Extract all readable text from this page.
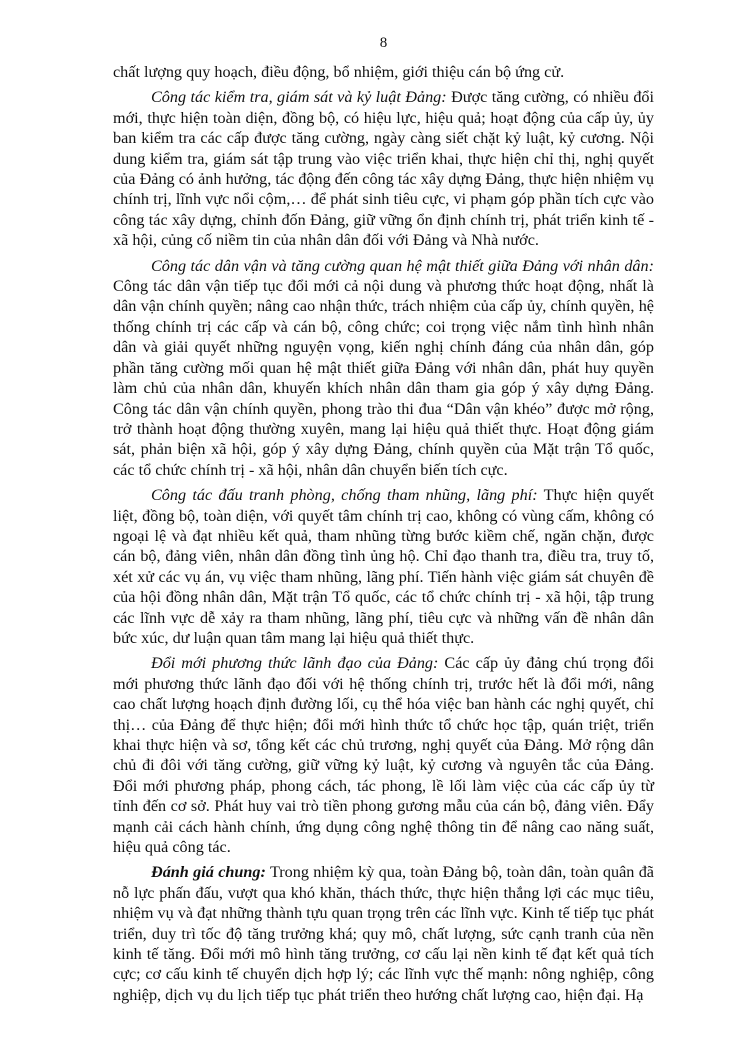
8

chất lượng quy hoạch, điều động, bổ nhiệm, giới thiệu cán bộ ứng cử.

Công tác kiểm tra, giám sát và kỷ luật Đảng: Được tăng cường, có nhiều đổi mới, thực hiện toàn diện, đồng bộ, có hiệu lực, hiệu quả; hoạt động của cấp ủy, ủy ban kiểm tra các cấp được tăng cường, ngày càng siết chặt kỷ luật, kỷ cương. Nội dung kiểm tra, giám sát tập trung vào việc triển khai, thực hiện chỉ thị, nghị quyết của Đảng có ảnh hưởng, tác động đến công tác xây dựng Đảng, thực hiện nhiệm vụ chính trị, lĩnh vực nổi cộm,… để phát sinh tiêu cực, vi phạm góp phần tích cực vào công tác xây dựng, chỉnh đốn Đảng, giữ vững ổn định chính trị, phát triển kinh tế - xã hội, củng cố niềm tin của nhân dân đối với Đảng và Nhà nước.

Công tác dân vận và tăng cường quan hệ mật thiết giữa Đảng với nhân dân: Công tác dân vận tiếp tục đổi mới cả nội dung và phương thức hoạt động, nhất là dân vận chính quyền; nâng cao nhận thức, trách nhiệm của cấp ủy, chính quyền, hệ thống chính trị các cấp và cán bộ, công chức; coi trọng việc nắm tình hình nhân dân và giải quyết những nguyện vọng, kiến nghị chính đáng của nhân dân, góp phần tăng cường mối quan hệ mật thiết giữa Đảng với nhân dân, phát huy quyền làm chủ của nhân dân, khuyến khích nhân dân tham gia góp ý xây dựng Đảng. Công tác dân vận chính quyền, phong trào thi đua “Dân vận khéo” được mở rộng, trở thành hoạt động thường xuyên, mang lại hiệu quả thiết thực. Hoạt động giám sát, phản biện xã hội, góp ý xây dựng Đảng, chính quyền của Mặt trận Tổ quốc, các tổ chức chính trị - xã hội, nhân dân chuyển biến tích cực.

Công tác đấu tranh phòng, chống tham nhũng, lãng phí: Thực hiện quyết liệt, đồng bộ, toàn diện, với quyết tâm chính trị cao, không có vùng cấm, không có ngoại lệ và đạt nhiều kết quả, tham nhũng từng bước kiềm chế, ngăn chặn, được cán bộ, đảng viên, nhân dân đồng tình ủng hộ. Chỉ đạo thanh tra, điều tra, truy tố, xét xử các vụ án, vụ việc tham nhũng, lãng phí. Tiến hành việc giám sát chuyên đề của hội đồng nhân dân, Mặt trận Tổ quốc, các tổ chức chính trị - xã hội, tập trung các lĩnh vực dễ xảy ra tham nhũng, lãng phí, tiêu cực và những vấn đề nhân dân bức xúc, dư luận quan tâm mang lại hiệu quả thiết thực.

Đổi mới phương thức lãnh đạo của Đảng: Các cấp ủy đảng chú trọng đổi mới phương thức lãnh đạo đối với hệ thống chính trị, trước hết là đổi mới, nâng cao chất lượng hoạch định đường lối, cụ thể hóa việc ban hành các nghị quyết, chỉ thị… của Đảng để thực hiện; đổi mới hình thức tổ chức học tập, quán triệt, triển khai thực hiện và sơ, tổng kết các chủ trương, nghị quyết của Đảng. Mở rộng dân chủ đi đôi với tăng cường, giữ vững kỷ luật, kỷ cương và nguyên tắc của Đảng. Đổi mới phương pháp, phong cách, tác phong, lề lối làm việc của các cấp ủy từ tỉnh đến cơ sở. Phát huy vai trò tiền phong gương mẫu của cán bộ, đảng viên. Đẩy mạnh cải cách hành chính, ứng dụng công nghệ thông tin để nâng cao năng suất, hiệu quả công tác.

Đánh giá chung: Trong nhiệm kỳ qua, toàn Đảng bộ, toàn dân, toàn quân đã nỗ lực phấn đấu, vượt qua khó khăn, thách thức, thực hiện thắng lợi các mục tiêu, nhiệm vụ và đạt những thành tựu quan trọng trên các lĩnh vực. Kinh tế tiếp tục phát triển, duy trì tốc độ tăng trưởng khá; quy mô, chất lượng, sức cạnh tranh của nền kinh tế tăng. Đổi mới mô hình tăng trưởng, cơ cấu lại nền kinh tế đạt kết quả tích cực; cơ cấu kinh tế chuyển dịch hợp lý; các lĩnh vực thế mạnh: nông nghiệp, công nghiệp, dịch vụ du lịch tiếp tục phát triển theo hướng chất lượng cao, hiện đại. Hạ
